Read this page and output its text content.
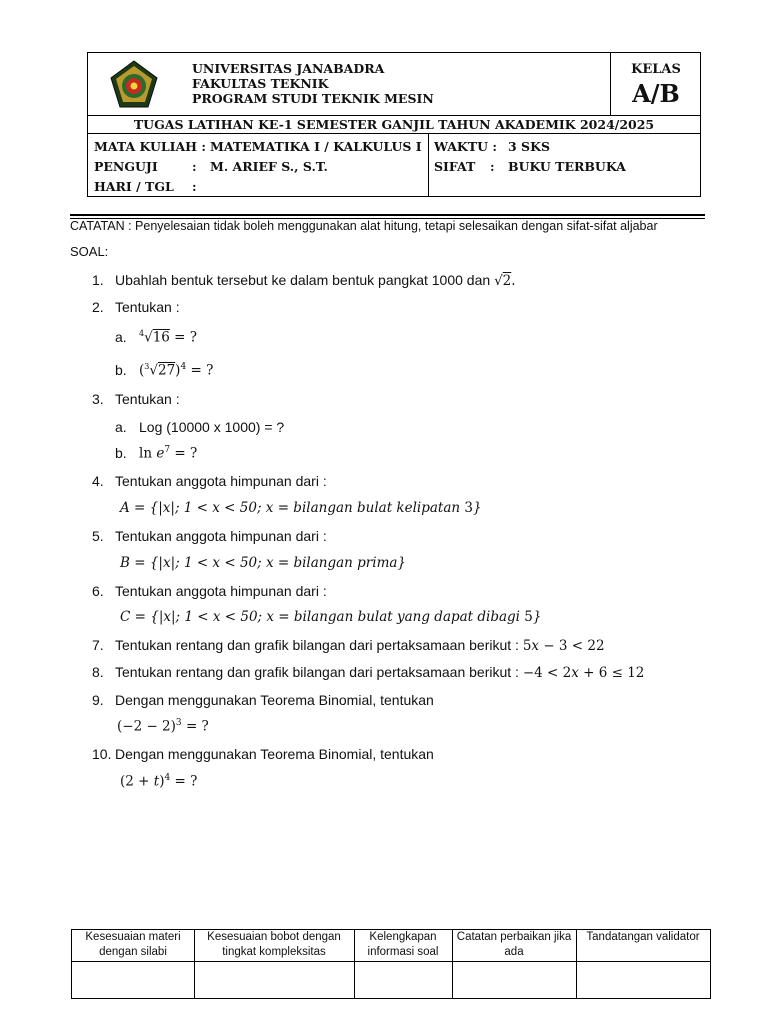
UNIVERSITAS JANABADRA
FAKULTAS TEKNIK
PROGRAM STUDI TEKNIK MESIN
KELAS
A/B
TUGAS LATIHAN KE-1 SEMESTER GANJIL TAHUN AKADEMIK 2024/2025
MATA KULIAH : MATEMATIKA I / KALKULUS I
PENGUJI	: M. ARIEF S., S.T.
HARI / TGL :
WAKTU : 3 SKS
SIFAT : BUKU TERBUKA
CATATAN : Penyelesaian tidak boleh menggunakan alat hitung, tetapi selesaikan dengan sifat-sifat aljabar
SOAL:
1. Ubahlah bentuk tersebut ke dalam bentuk pangkat 1000 dan √2.
2. Tentukan :
a. $^4$√16 = ?
b. $(^3√27)^4$ = ?
3. Tentukan :
a. Log (10000 x 1000) = ?
b. $\ln e^7$ = ?
4. Tentukan anggota himpunan dari :
A = {|x|; 1 < x < 50; x = bilangan bulat kelipatan 3}
5. Tentukan anggota himpunan dari :
B = {|x|; 1 < x < 50; x = bilangan prima}
6. Tentukan anggota himpunan dari :
C = {|x|; 1 < x < 50; x = bilangan bulat yang dapat dibagi 5}
7. Tentukan rentang dan grafik bilangan dari pertaksamaan berikut : 5x − 3 < 22
8. Tentukan rentang dan grafik bilangan dari pertaksamaan berikut : −4 < 2x + 6 ≤ 12
9. Dengan menggunakan Teorema Binomial, tentukan
$(-2 - 2)^3$ = ?
10. Dengan menggunakan Teorema Binomial, tentukan
$(2 + t)^4$ = ?
Kesesuaian materi dengan silabi
Kesesuaian bobot dengan tingkat kompleksitas
Kelengkapan informasi soal
Catatan perbaikan jika ada
Tandatangan validator
